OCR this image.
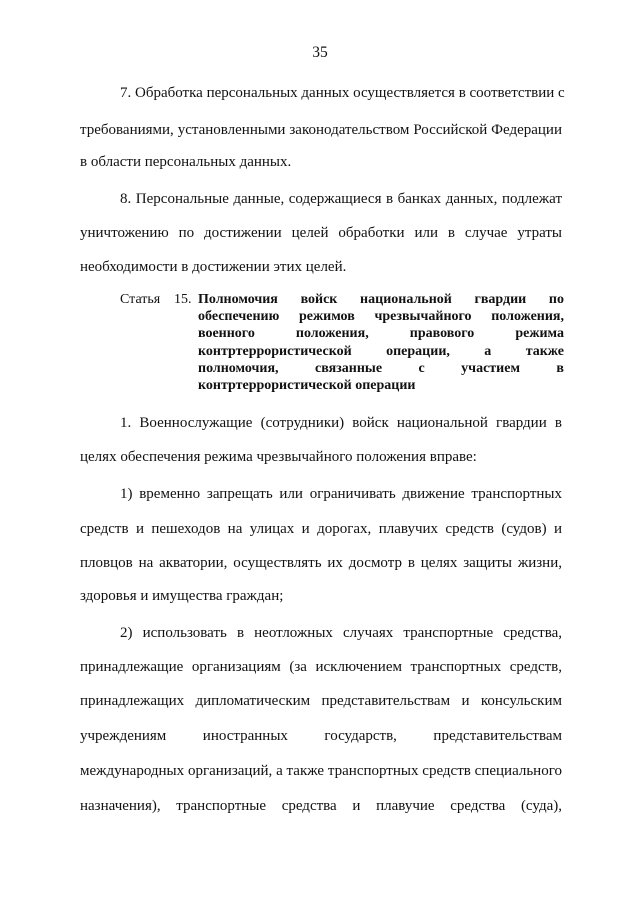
35
7. Обработка персональных данных осуществляется в соответствии с
требованиями, установленными законодательством Российской Федерации
в области персональных данных.
8. Персональные данные, содержащиеся в банках данных, подлежат
уничтожению по достижении целей обработки или в случае утраты
необходимости в достижении этих целей.
Статья 15. Полномочия войск национальной гвардии по
обеспечению режимов чрезвычайного положения,
военного положения, правового режима
контртеррористической операции, а также
полномочия, связанные с участием в
контртеррористической операции
1. Военнослужащие (сотрудники) войск национальной гвардии в
целях обеспечения режима чрезвычайного положения вправе:
1) временно запрещать или ограничивать движение транспортных
средств и пешеходов на улицах и дорогах, плавучих средств (судов) и
пловцов на акватории, осуществлять их досмотр в целях защиты жизни,
здоровья и имущества граждан;
2) использовать в неотложных случаях транспортные средства,
принадлежащие организациям (за исключением транспортных средств,
принадлежащих дипломатическим представительствам и консульским
учреждениям иностранных государств, представительствам
международных организаций, а также транспортных средств специального
назначения), транспортные средства и плавучие средства (суда),
